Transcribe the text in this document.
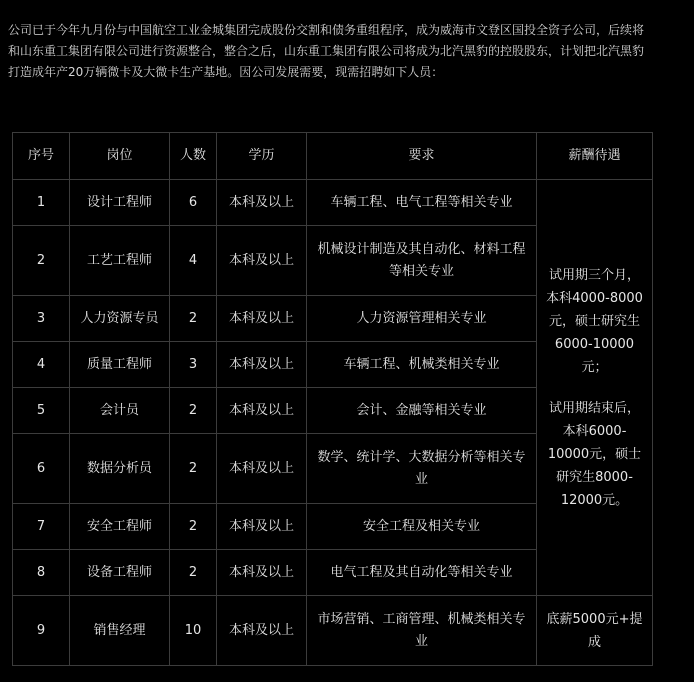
公司已于今年九月份与中国航空工业金城集团完成股份交割和债务重组程序，成为威海市文登区国投全资子公司，后续将

和山东重工集团有限公司进行资源整合，整合之后，山东重工集团有限公司将成为北汽黑豹的控股股东，计划把北汽黑豹

打造成年产20万辆微卡及大微卡生产基地。因公司发展需要，现需招聘如下人员：

序号	岗位	人数	学历	要求	薪酬待遇
1	设计工程师	6	本科及以上	车辆工程、电气工程等相关专业	试用期三个月，本科4000-8000元，硕士研究生6000-10000元；
试用期结束后，本科6000-10000元，硕士研究生8000-12000元。

2	工艺工程师	4	本科及以上	机械设计制造及其自动化、材料工程等相关专业	
3	人力资源专员	2	本科及以上	人力资源管理相关专业	
4	质量工程师	3	本科及以上	车辆工程、机械类相关专业	
5	会计员	2	本科及以上	会计、金融等相关专业	
6	数据分析员	2	本科及以上	数学、统计学、大数据分析等相关专业	
7	安全工程师	2	本科及以上	安全工程及相关专业	
8	设备工程师	2	本科及以上	电气工程及其自动化等相关专业	
9	销售经理	10	本科及以上	市场营销、工商管理、机械类相关专业	底薪5000元+提成
